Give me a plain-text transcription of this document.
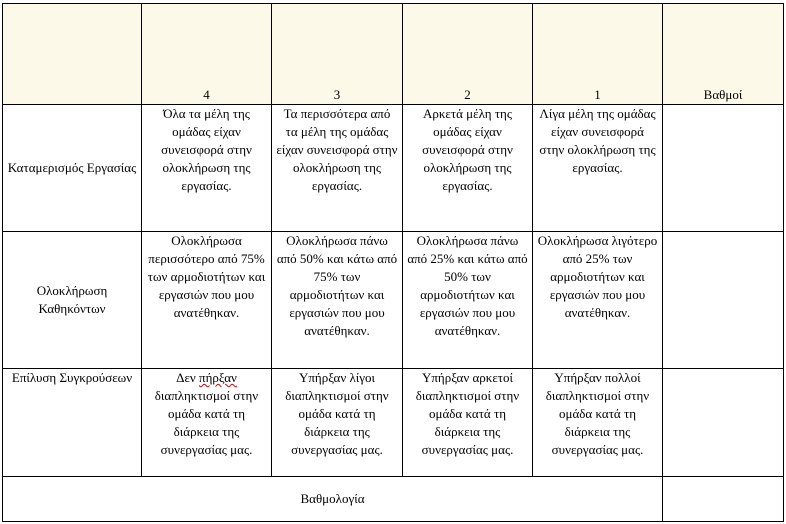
	4	3	2	1	Βαθμοί
Καταμερισμός Εργασίας	Όλα τα μέλη της ομάδας είχαν συνεισφορά στην ολοκλήρωση της εργασίας.	Τα περισσότερα από τα μέλη της ομάδας είχαν συνεισφορά στην ολοκλήρωση της εργασίας.	Αρκετά μέλη της ομάδας είχαν συνεισφορά στην ολοκλήρωση της εργασίας.	Λίγα μέλη της ομάδας είχαν συνεισφορά στην ολοκλήρωση της εργασίας.	
Ολοκλήρωση Καθηκόντων	Ολοκλήρωσα περισσότερο από 75% των αρμοδιοτήτων και εργασιών που μου ανατέθηκαν.	Ολοκλήρωσα πάνω από 50% και κάτω από 75% των αρμοδιοτήτων και εργασιών που μου ανατέθηκαν.	Ολοκλήρωσα πάνω από 25% και κάτω από 50% των αρμοδιοτήτων και εργασιών που μου ανατέθηκαν.	Ολοκλήρωσα λιγότερο από 25% των αρμοδιοτήτων και εργασιών που μου ανατέθηκαν.	
Επίλυση Συγκρούσεων	Δεν πήρξαν διαπληκτισμοί στην ομάδα κατά τη διάρκεια της συνεργασίας μας.	Υπήρξαν λίγοι διαπληκτισμοί στην ομάδα κατά τη διάρκεια της συνεργασίας μας.	Υπήρξαν αρκετοί διαπληκτισμοί στην ομάδα κατά τη διάρκεια της συνεργασίας μας.	Υπήρξαν πολλοί διαπληκτισμοί στην ομάδα κατά τη διάρκεια της συνεργασίας μας.	
Βαθμολογία					
